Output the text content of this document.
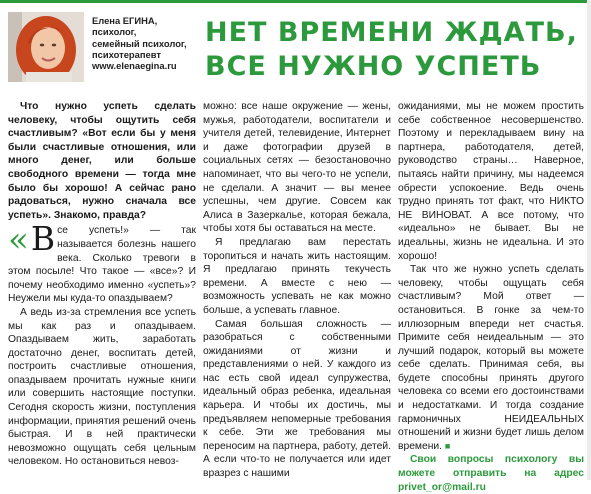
Елена ЕГИНА,
психолог,
семейный психолог,
психотерапевт
www.elenaegina.ru
НЕТ ВРЕМЕНИ ЖДАТЬ,
ВСЕ НУЖНО УСПЕТЬ

Что нужно успеть сделать человеку, чтобы ощутить себя счастливым? «Вот если бы у меня были счастливые отношения, или много денег, или больше свободного времени — тогда мне было бы хорошо! А сейчас рано радоваться, нужно сначала все успеть». Знакомо, правда?

« В се успеть!» — так называется болезнь нашего века. Сколько тревоги в этом посыле! Что такое — «все»? И почему необходимо именно «успеть»? Неужели мы куда-то опаздываем?

А ведь из-за стремления все успеть мы как раз и опаздываем. Опаздываем жить, заработать достаточно денег, воспитать детей, построить счастливые отношения, опаздываем прочитать нужные книги или совершить настоящие поступки. Сегодня скорость жизни, поступления информации, принятия решений очень быстрая. И в ней практически невозможно ощущать себя цельным человеком. Но остановиться невоз-

можно: все наше окружение — жены, мужья, работодатели, воспитатели и учителя детей, телевидение, Интернет и даже фотографии друзей в социальных сетях — безостановочно напоминает, что вы чего-то не успели, не сделали. А значит — вы менее успешны, чем другие. Совсем как Алиса в Зазеркалье, которая бежала, чтобы хотя бы оставаться на месте.

Я предлагаю вам перестать торопиться и начать жить настоящим. Я предлагаю принять текучесть времени. А вместе с нею — возможность успевать не как можно больше, а успевать главное.

Самая большая сложность — разобраться с собственными ожиданиями от жизни и представлениями о ней. У каждого из нас есть свой идеал супружества, идеальный образ ребенка, идеальная карьера. И чтобы их достичь, мы предъявляем непомерные требования к себе. Эти же требования мы переносим на партнера, работу, детей. А если что-то не получается или идет вразрез с нашими

ожиданиями, мы не можем простить себе собственное несовершенство. Поэтому и перекладываем вину на партнера, работодателя, детей, руководство страны… Наверное, пытаясь найти причину, мы надеемся обрести успокоение. Ведь очень трудно принять тот факт, что НИКТО НЕ ВИНОВАТ. А все потому, что «идеально» не бывает. Вы не идеальны, жизнь не идеальна. И это хорошо!

Так что же нужно успеть сделать человеку, чтобы ощущать себя счастливым? Мой ответ — остановиться. В гонке за чем-то иллюзорным впереди нет счастья. Примите себя неидеальным — это лучший подарок, который вы можете себе сделать. Принимая себя, вы будете способны принять другого человека со всеми его достоинствами и недостатками. И тогда создание гармоничных НЕИДЕАЛЬНЫХ отношений и жизни будет лишь делом времени. ■

Свои вопросы психологу вы можете отправить на адрес privet_or@mail.ru
